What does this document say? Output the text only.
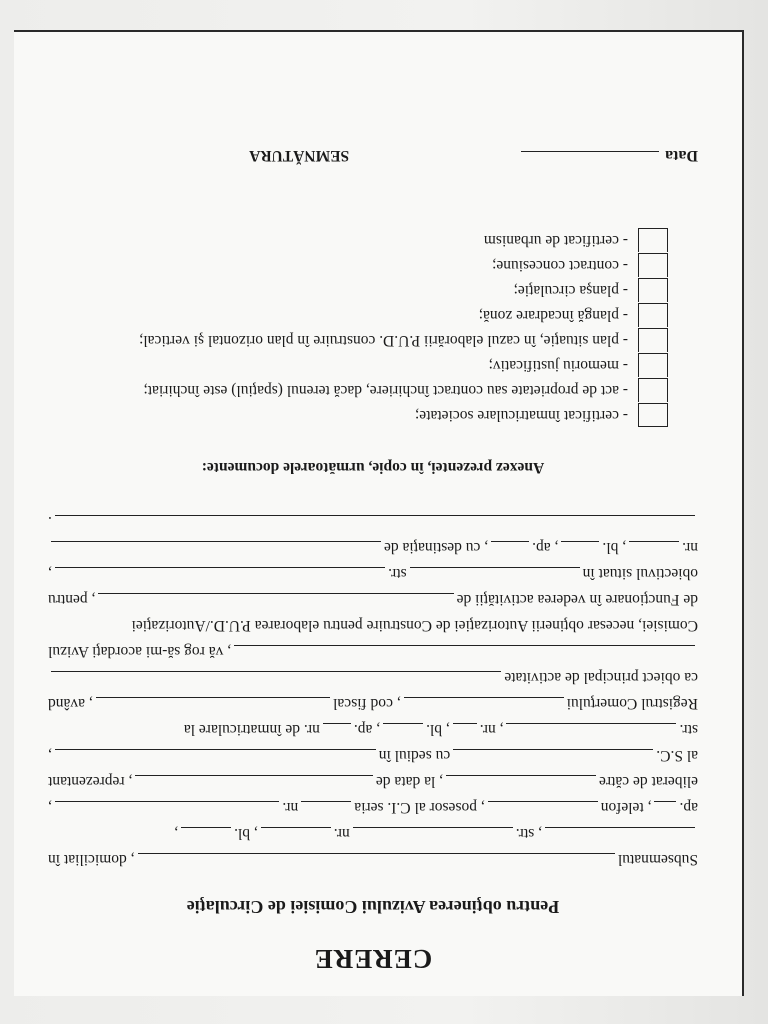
CERERE
Pentru obţinerea Avizului Comisiei de Circulaţie
Subsemnatul
, domiciliat în
, str.
nr.
, bl.
,
ap.
, telefon
, posesor al C.I. seria
nr.
,
eliberat de către
, la data de
, reprezentant
al S.C.
cu sediul în
,
str.
, nr.
, bl.
, ap.
nr. de înmatriculare la
Registrul Comerţului
, cod fiscal
, având
ca obiect principal de activitate
, vă rog să-mi acordaţi Avizul
Comisiei, necesar obţinerii Autorizaţiei de Construire pentru elaborarea P.U.D./Autorizaţiei
de Funcţionare în vederea activităţii de
, pentru
obiectivul situat în
str.
,
nr.
, bl.
, ap.
, cu destinaţia de
.
Anexez prezentei, în copie, următoarele documente:
- certificat înmatriculare societate;
- act de proprietate sau contract închiriere, dacă terenul (spaţiul) este închiriat;
- memoriu justificativ;
- plan situaţie, în cazul elaborării P.U.D. construire în plan orizontal şi vertical;
- plangă încadrare zonă;
- planşa circulaţie;
- contract concesiune;
- certificat de urbanism
Data
SEMNĂTURA
